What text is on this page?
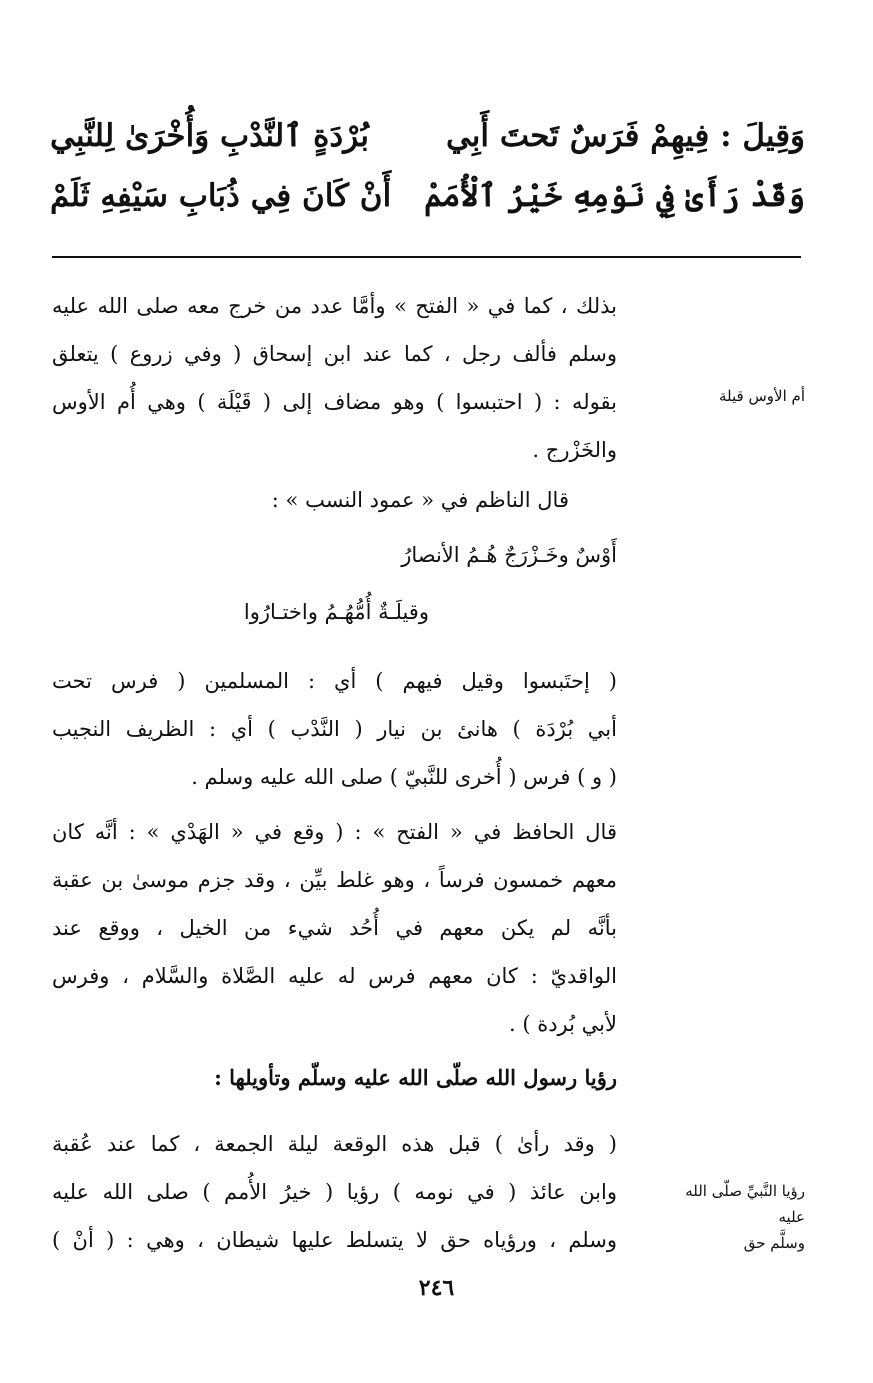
وَقِيلَ : فِيهِمْ فَرَسٌ تَحتَ أَبِي
بُرْدَةٍ ٱلنَّدْبِ وَأُخْرَىٰ لِلنَّبِي
وَقَدْ رَأَىٰ فِي نَوْمِهِ خَيْرُ ٱلْأُمَمْ
أَنْ كَانَ فِي ذُبَابِ سَيْفِهِ ثَلَمْ
أم الأوس قيلة
بذلك ، كما في « الفتح » وأمَّا عدد من خرج معه صلى الله عليه
وسلم فألف رجل ، كما عند ابن إسحاق ( وفي زروع ) يتعلق
بقوله : ( احتبسوا ) وهو مضاف إلى ( قَيْلَة ) وهي أُم الأوس
والخَزْرج .
قال الناظم في « عمود النسب » :
أَوْسٌ وخَـزْرَجٌ هُـمُ الأنصارُ
وقيلَـةٌ أُمُّهُـمُ واختـارُوا
( إحتَبسوا وقيل فيهم ) أي : المسلمين ( فرس تحت
أبي بُرْدَة ) هانئ بن نيار ( النَّدْب ) أي : الظريف النجيب
( و ) فرس ( أُخرى للنَّبيّ ) صلى الله عليه وسلم .
قال الحافظ في « الفتح » : ( وقع في « الهَدْي » : أنَّه كان
معهم خمسون فرساً ، وهو غلط بيِّن ، وقد جزم موسىٰ بن عقبة
بأنَّه لم يكن معهم في أُحُد شيء من الخيل ، ووقع عند
الواقديّ : كان معهم فرس له عليه الصَّلاة والسَّلام ، وفرس
لأبي بُردة ) .
رؤيا رسول الله صلّى الله عليه وسلّم وتأويلها :
رؤيا النَّبيِّ صلّى الله عليه
وسلَّم حق
( وقد رأىٰ ) قبل هذه الوقعة ليلة الجمعة ، كما عند عُقبة
وابن عائذ ( في نومه ) رؤيا ( خيرُ الأُمم ) صلى الله عليه
وسلم ، ورؤياه حق لا يتسلط عليها شيطان ، وهي : ( أنْ )
٢٤٦
